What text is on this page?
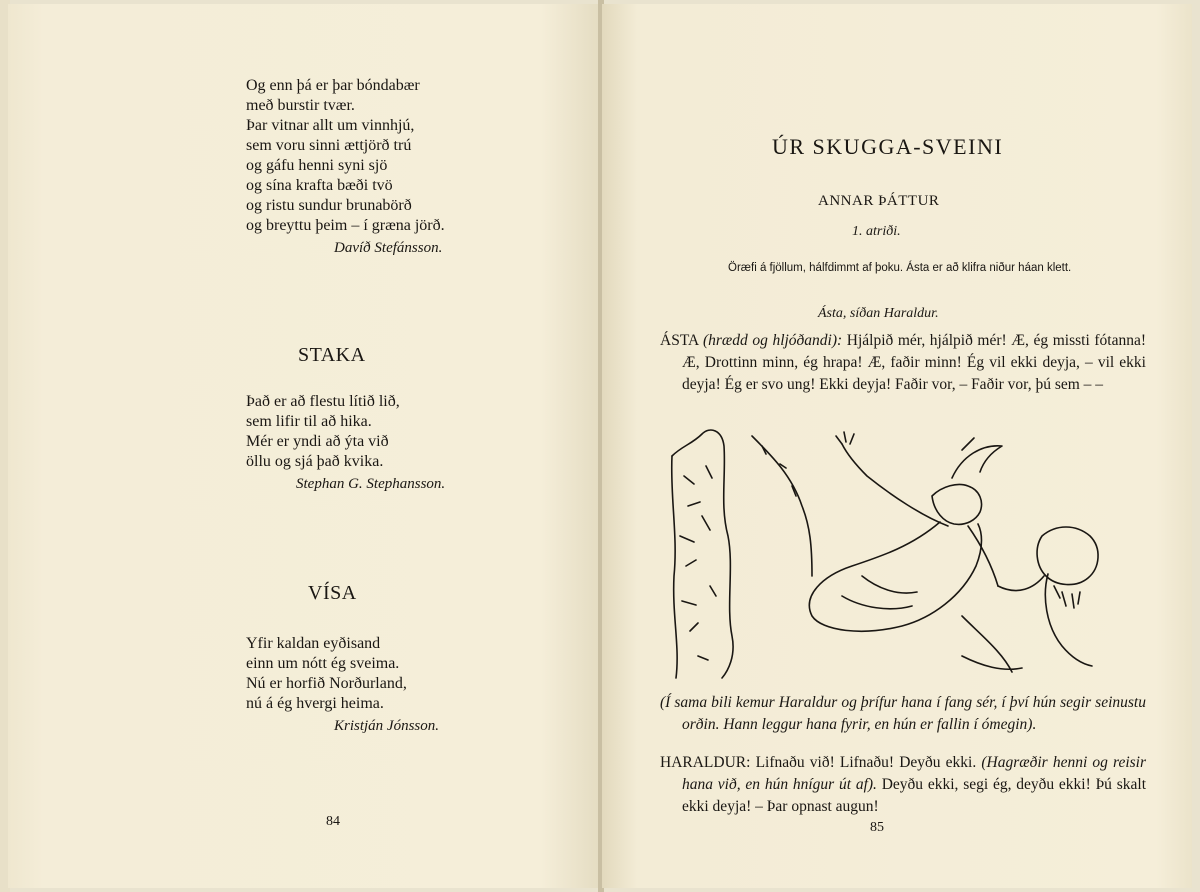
Og enn þá er þar bóndabær
með burstir tvær.
Þar vitnar allt um vinnhjú,
sem voru sinni ættjörð trú
og gáfu henni syni sjö
og sína krafta bæði tvö
og ristu sundur brunabörð
og breyttu þeim – í græna jörð.
Davíð Stefánsson.
STAKA
Það er að flestu lítið lið,
sem lifir til að hika.
Mér er yndi að ýta við
öllu og sjá það kvika.
Stephan G. Stephansson.
VÍSA
Yfir kaldan eyðisand
einn um nótt ég sveima.
Nú er horfið Norðurland,
nú á ég hvergi heima.
Kristján Jónsson.
84
ÚR SKUGGA-SVEINI
ANNAR ÞÁTTUR
1. atriði.
Öræfi á fjöllum, hálfdimmt af þoku. Ásta er að klifra niður háan klett.
Ásta, síðan Haraldur.

ÁSTA (hrædd og hljóðandi): Hjálpið mér, hjálpið mér! Æ, ég missti fótanna! Æ, Drottinn minn, ég hrapa! Æ, faðir minn! Ég vil ekki deyja, – vil ekki deyja! Ég er svo ung! Ekki deyja! Faðir vor, – Faðir vor, þú sem – –

(Í sama bili kemur Haraldur og þrífur hana í fang sér, í því hún segir seinustu orðin. Hann leggur hana fyrir, en hún er fallin í ómegin).

HARALDUR: Lifnaðu við! Lifnaðu! Deyðu ekki. (Hagræðir henni og reisir hana við, en hún hnígur út af). Deyðu ekki, segi ég, deyðu ekki! Þú skalt ekki deyja! – Þar opnast augun!

85
